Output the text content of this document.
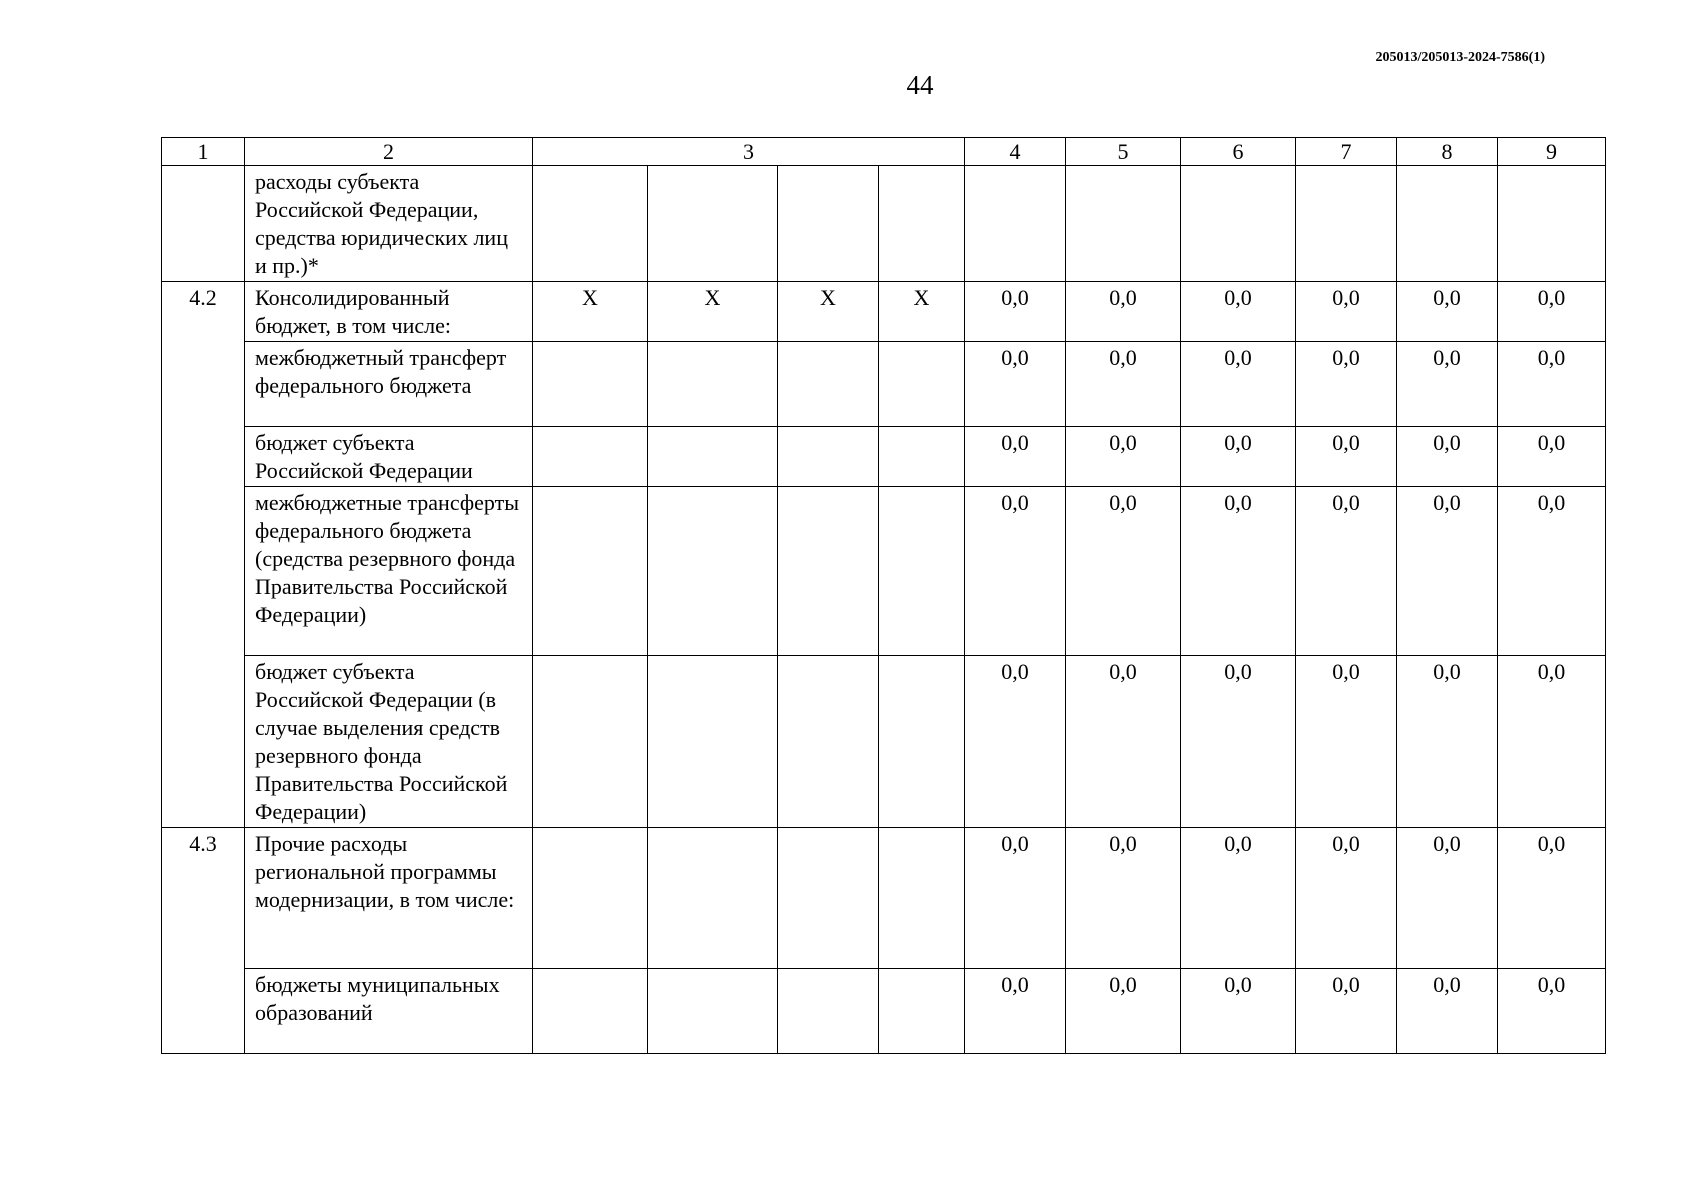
205013/205013-2024-7586(1)
44
1	2	3				4	5	6	7	8	9
	расходы субъекта Российской Федерации, средства юридических лиц и пр.)*										
4.2	Консолидированный бюджет, в том числе:	X	X	X	X	0,0	0,0	0,0	0,0	0,0	0,0
	межбюджетный трансферт федерального бюджета					0,0	0,0	0,0	0,0	0,0	0,0
	бюджет субъекта Российской Федерации					0,0	0,0	0,0	0,0	0,0	0,0
	межбюджетные трансферты федерального бюджета (средства резервного фонда Правительства Российской Федерации)					0,0	0,0	0,0	0,0	0,0	0,0
	бюджет субъекта Российской Федерации (в случае выделения средств резервного фонда Правительства Российской Федерации)					0,0	0,0	0,0	0,0	0,0	0,0
4.3	Прочие расходы региональной программы модернизации, в том числе:					0,0	0,0	0,0	0,0	0,0	0,0
	бюджеты муниципальных образований					0,0	0,0	0,0	0,0	0,0	0,0
